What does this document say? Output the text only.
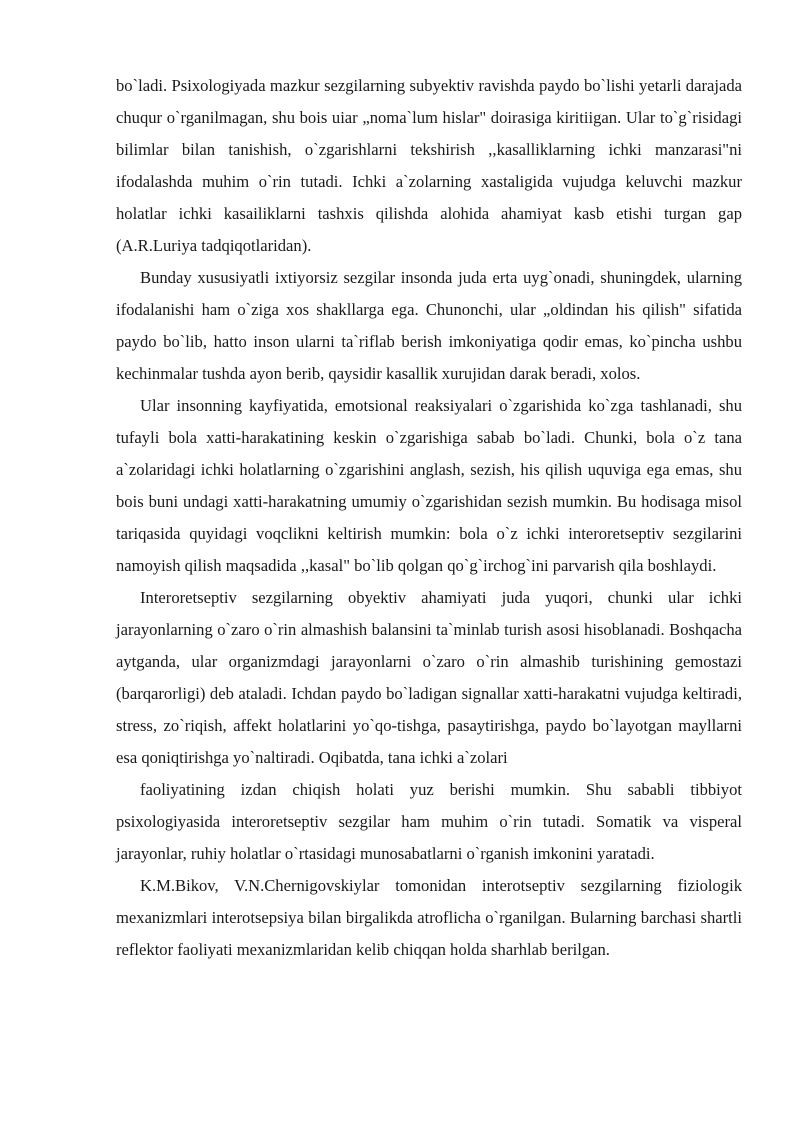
bo`ladi. Psixologiyada mazkur sezgilarning subyektiv ravishda paydo bo`lishi yetarli darajada chuqur o`rganilmagan, shu bois uiar „noma`lum hislar" doirasiga kiritiigan. Ular to`g`risidagi bilimlar bilan tanishish, o`zgarishlarni tekshirish ,,kasalliklarning ichki manzarasi"ni ifodalashda muhim o`rin tutadi. Ichki a`zolarning xastaligida vujudga keluvchi mazkur holatlar ichki kasailiklarni tashxis qilishda alohida ahamiyat kasb etishi turgan gap (A.R.Luriya tadqiqotlaridan).

Bunday xususiyatli ixtiyorsiz sezgilar insonda juda erta uyg`onadi, shuningdek, ularning ifodalanishi ham o`ziga xos shakllarga ega. Chunonchi, ular „oldindan his qilish" sifatida paydo bo`lib, hatto inson ularni ta`riflab berish imkoniyatiga qodir emas, ko`pincha ushbu kechinmalar tushda ayon berib, qaysidir kasallik xurujidan darak beradi, xolos.

Ular insonning kayfiyatida, emotsional reaksiyalari o`zgarishida ko`zga tashlanadi, shu tufayli bola xatti-harakatining keskin o`zgarishiga sabab bo`ladi. Chunki, bola o`z tana a`zolaridagi ichki holatlarning o`zgarishini anglash, sezish, his qilish uquviga ega emas, shu bois buni undagi xatti-harakatning umumiy o`zgarishidan sezish mumkin. Bu hodisaga misol tariqasida quyidagi voqclikni keltirish mumkin: bola o`z ichki interoretseptiv sezgilarini namoyish qilish maqsadida ,,kasal" bo`lib qolgan qo`g`irchog`ini parvarish qila boshlaydi.

Interoretseptiv sezgilarning obyektiv ahamiyati juda yuqori, chunki ular ichki jarayonlarning o`zaro o`rin almashish balansini ta`minlab turish asosi hisoblanadi. Boshqacha aytganda, ular organizmdagi jarayonlarni o`zaro o`rin almashib turishining gemostazi (barqarorligi) deb ataladi. Ichdan paydo bo`ladigan signallar xatti-harakatni vujudga keltiradi, stress, zo`riqish, affekt holatlarini yo`qo-tishga, pasaytirishga, paydo bo`layotgan mayllarni esa qoniqtirishga yo`naltiradi. Oqibatda, tana ichki a`zolari

faoliyatining izdan chiqish holati yuz berishi mumkin. Shu sababli tibbiyot psixologiyasida interoretseptiv sezgilar ham muhim o`rin tutadi. Somatik va visperal jarayonlar, ruhiy holatlar o`rtasidagi munosabatlarni o`rganish imkonini yaratadi.

K.M.Bikov, V.N.Chernigovskiylar tomonidan interotseptiv sezgilarning fiziologik mexanizmlari interotsepsiya bilan birgalikda atroflicha o`rganilgan. Bularning barchasi shartli reflektor faoliyati mexanizmlaridan kelib chiqqan holda sharhlab berilgan.
